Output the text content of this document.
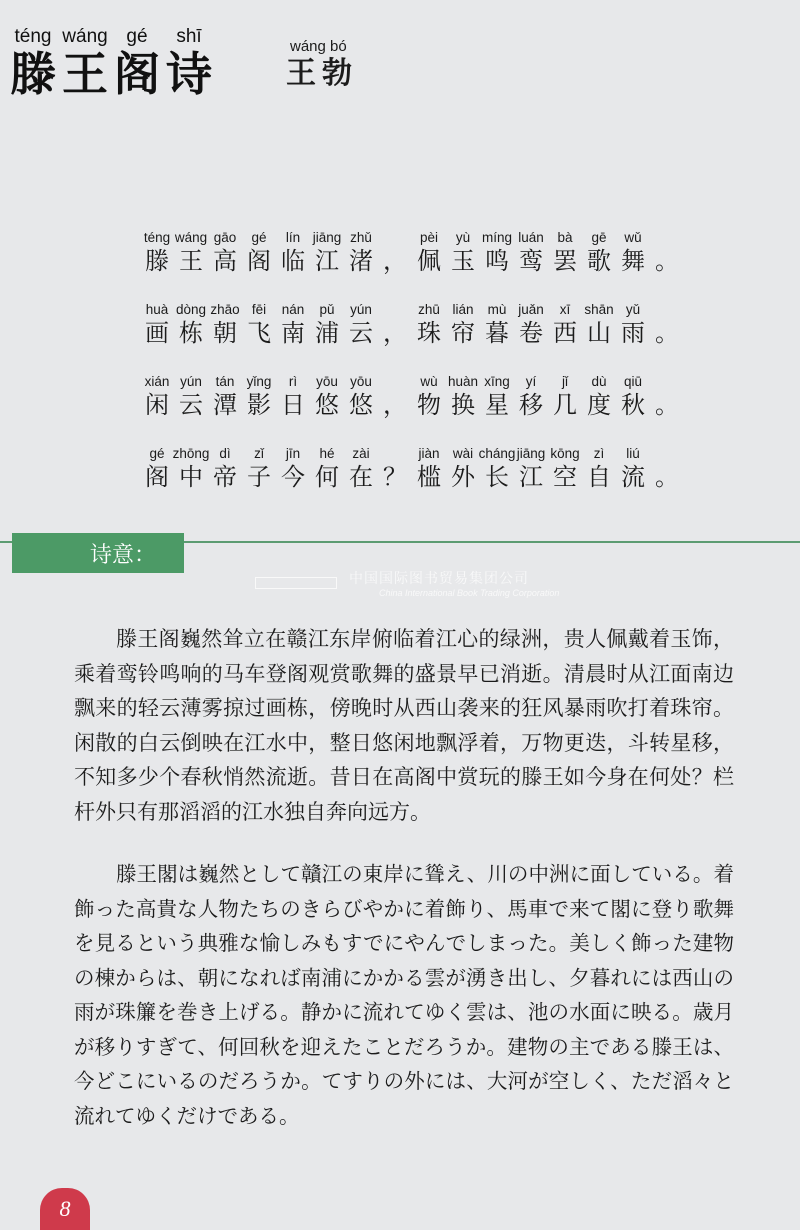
téng
滕
wáng
王
gé
阁
shī
诗
wáng bó
王勃
téng
滕
wáng
王
gāo
高
gé
阁
lín
临
jiāng
江
zhǔ
渚
，
pèi
佩
yù
玉
míng
鸣
luán
鸾
bà
罢
gē
歌
wǔ
舞
。
huà
画
dòng
栋
zhāo
朝
fēi
飞
nán
南
pǔ
浦
yún
云
，
zhū
珠
lián
帘
mù
暮
juǎn
卷
xī
西
shān
山
yǔ
雨
。
xián
闲
yún
云
tán
潭
yǐng
影
rì
日
yōu
悠
yōu
悠
，
wù
物
huàn
换
xīng
星
yí
移
jǐ
几
dù
度
qiū
秋
。
gé
阁
zhōng
中
dì
帝
zǐ
子
jīn
今
hé
何
zài
在
？
jiàn
槛
wài
外
cháng
长
jiāng
江
kōng
空
zì
自
liú
流
。
诗意：
中国国际图书贸易集团公司
China International Book Trading Corporation

滕王阁巍然耸立在赣江东岸俯临着江心的绿洲，贵人佩戴着玉饰，乘着鸾铃鸣响的马车登阁观赏歌舞的盛景早已消逝。清晨时从江面南边飘来的轻云薄雾掠过画栋，傍晚时从西山袭来的狂风暴雨吹打着珠帘。闲散的白云倒映在江水中，整日悠闲地飘浮着，万物更迭，斗转星移，不知多少个春秋悄然流逝。昔日在高阁中赏玩的滕王如今身在何处？栏杆外只有那滔滔的江水独自奔向远方。

滕王閣は巍然として贛江の東岸に聳え、川の中洲に面している。着飾った高貴な人物たちのきらびやかに着飾り、馬車で来て閣に登り歌舞を見るという典雅な愉しみもすでにやんでしまった。美しく飾った建物の棟からは、朝になれば南浦にかかる雲が湧き出し、夕暮れには西山の雨が珠簾を巻き上げる。静かに流れてゆく雲は、池の水面に映る。歳月が移りすぎて、何回秋を迎えたことだろうか。建物の主である滕王は、今どこにいるのだろうか。てすりの外には、大河が空しく、ただ滔々と流れてゆくだけである。

8
